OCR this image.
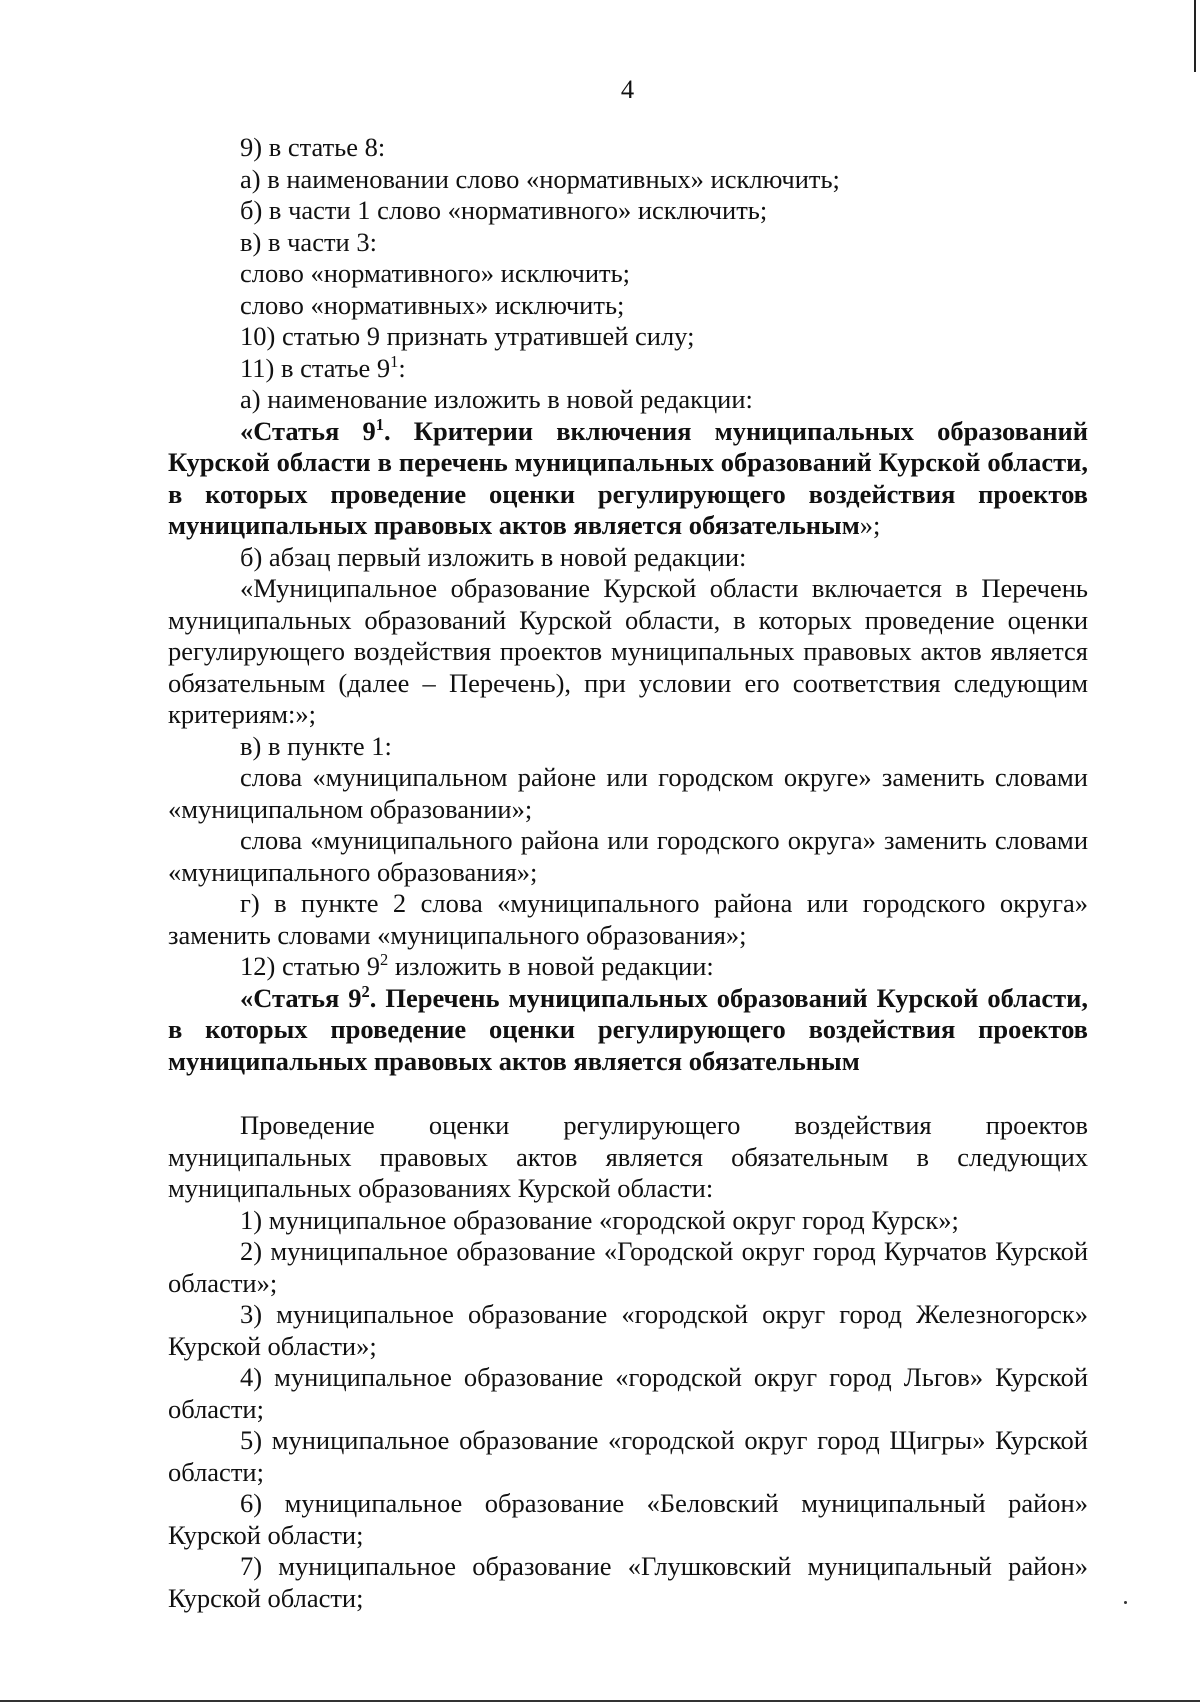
4

9) в статье 8:

а) в наименовании слово «нормативных» исключить;

б) в части 1 слово «нормативного» исключить;

в) в части 3:

слово «нормативного» исключить;

слово «нормативных» исключить;

10) статью 9 признать утратившей силу;

11) в статье $9^1$:

а) наименование изложить в новой редакции:

«Статья $9^1$. Критерии включения муниципальных образований Курской области в перечень муниципальных образований Курской области, в которых проведение оценки регулирующего воздействия проектов муниципальных правовых актов является обязательным»;

б) абзац первый изложить в новой редакции:

«Муниципальное образование Курской области включается в Перечень муниципальных образований Курской области, в которых проведение оценки регулирующего воздействия проектов муниципальных правовых актов является обязательным (далее – Перечень), при условии его соответствия следующим критериям:»;

в) в пункте 1:

слова «муниципальном районе или городском округе» заменить словами «муниципальном образовании»;

слова «муниципального района или городского округа» заменить словами «муниципального образования»;

г) в пункте 2 слова «муниципального района или городского округа» заменить словами «муниципального образования»;

12) статью $9^2$ изложить в новой редакции:

«Статья $9^2$. Перечень муниципальных образований Курской области, в которых проведение оценки регулирующего воздействия проектов муниципальных правовых актов является обязательным

Проведение оценки регулирующего воздействия проектов муниципальных правовых актов является обязательным в следующих муниципальных образованиях Курской области:

1) муниципальное образование «городской округ город Курск»;

2) муниципальное образование «Городской округ город Курчатов Курской области»;

3) муниципальное образование «городской округ город Железногорск» Курской области»;

4) муниципальное образование «городской округ город Льгов» Курской области;

5) муниципальное образование «городской округ город Щигры» Курской области;

6) муниципальное образование «Беловский муниципальный район» Курской области;

7) муниципальное образование «Глушковский муниципальный район» Курской области;
